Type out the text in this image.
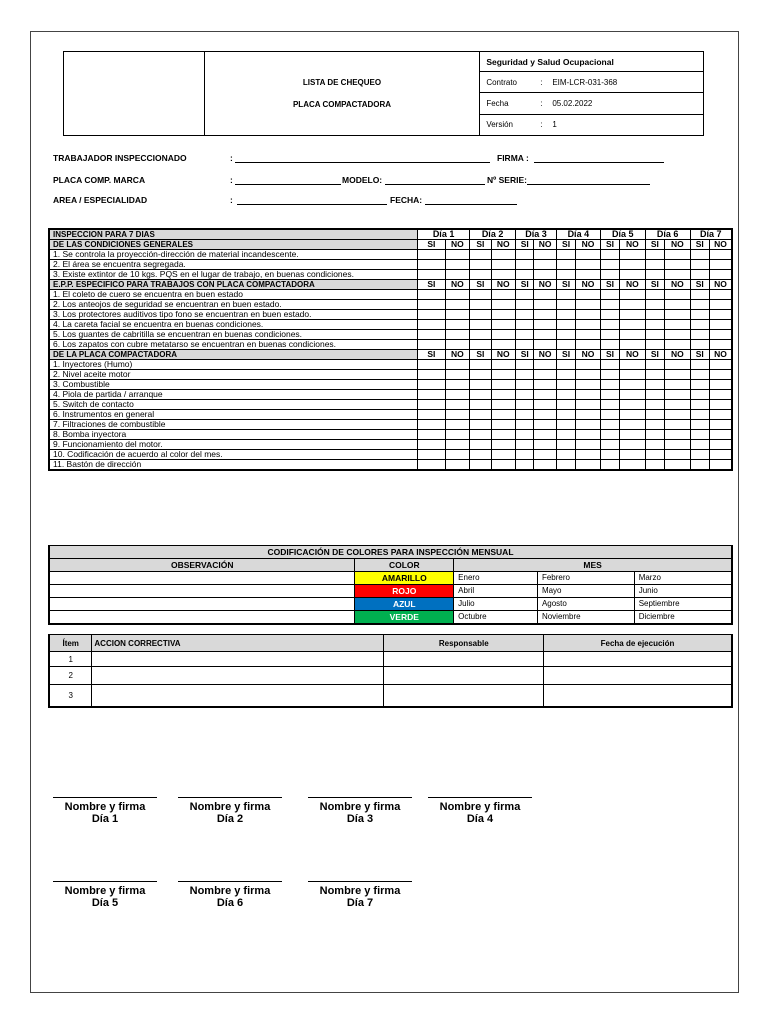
LISTA DE CHEQUEO
PLACA COMPACTADORA
	Seguridad y Salud Ocupacional
Contrato	: EIM-LCR-031-368
Fecha	: 05.02.2022
Versión	: 1
TRABAJADOR INSPECCIONADO	:	FIRMA :
PLACA COMP. MARCA	:	MODELO:	Nº SERIE:
AREA / ESPECIALIDAD	:	FECHA:
INSPECCION PARA 7 DIAS	Día 1		Día 2		Día 3		Día 4		Día 5		Día 6		Día 7	
DE LAS CONDICIONES GENERALES	SI	NO	SI	NO	SI	NO	SI	NO	SI	NO	SI	NO	SI	NO
1. Se controla la proyección-dirección de material incandescente.														
2. El área se encuentra segregada.														
3. Existe extintor de 10 kgs. PQS en el lugar de trabajo, en buenas condiciones.														
E.P.P. ESPECIFICO PARA TRABAJOS CON PLACA COMPACTADORA	SI	NO	SI	NO	SI	NO	SI	NO	SI	NO	SI	NO	SI	NO
1. El coleto de cuero se encuentra en buen estado														
2. Los anteojos de seguridad se encuentran en buen estado.														
3. Los protectores auditivos tipo fono se encuentran en buen estado.														
4. La careta facial se encuentra en buenas condiciones.														
5. Los guantes de cabritilla se encuentran en buenas condiciones.														
6. Los zapatos con cubre metatarso se encuentran en buenas condiciones.														
DE LA PLACA COMPACTADORA	SI	NO	SI	NO	SI	NO	SI	NO	SI	NO	SI	NO	SI	NO
1. Inyectores (Humo)														
2. Nivel aceite motor														
3. Combustible														
4. Piola de partida / arranque														
5. Switch de contacto														
6. Instrumentos en general														
7. Filtraciones de combustible														
8. Bomba inyectora														
9. Funcionamiento del motor.														
10. Codificación de acuerdo al color del mes.														
11. Bastón de dirección														
CODIFICACIÓN DE COLORES PARA INSPECCIÓN MENSUAL				
OBSERVACIÓN	COLOR	MES		
	AMARILLO	Enero	Febrero	Marzo
	ROJO	Abril	Mayo	Junio
	AZUL	Julio	Agosto	Septiembre
	VERDE	Octubre	Noviembre	Diciembre
Ítem	ACCION CORRECTIVA	Responsable	Fecha de ejecución
1			
2			
3			
Nombre y firma
Día 1
Nombre y firma
Día 2
Nombre y firma
Día 3
Nombre y firma
Día 4
Nombre y firma
Día 5
Nombre y firma
Día 6
Nombre y firma
Día 7
